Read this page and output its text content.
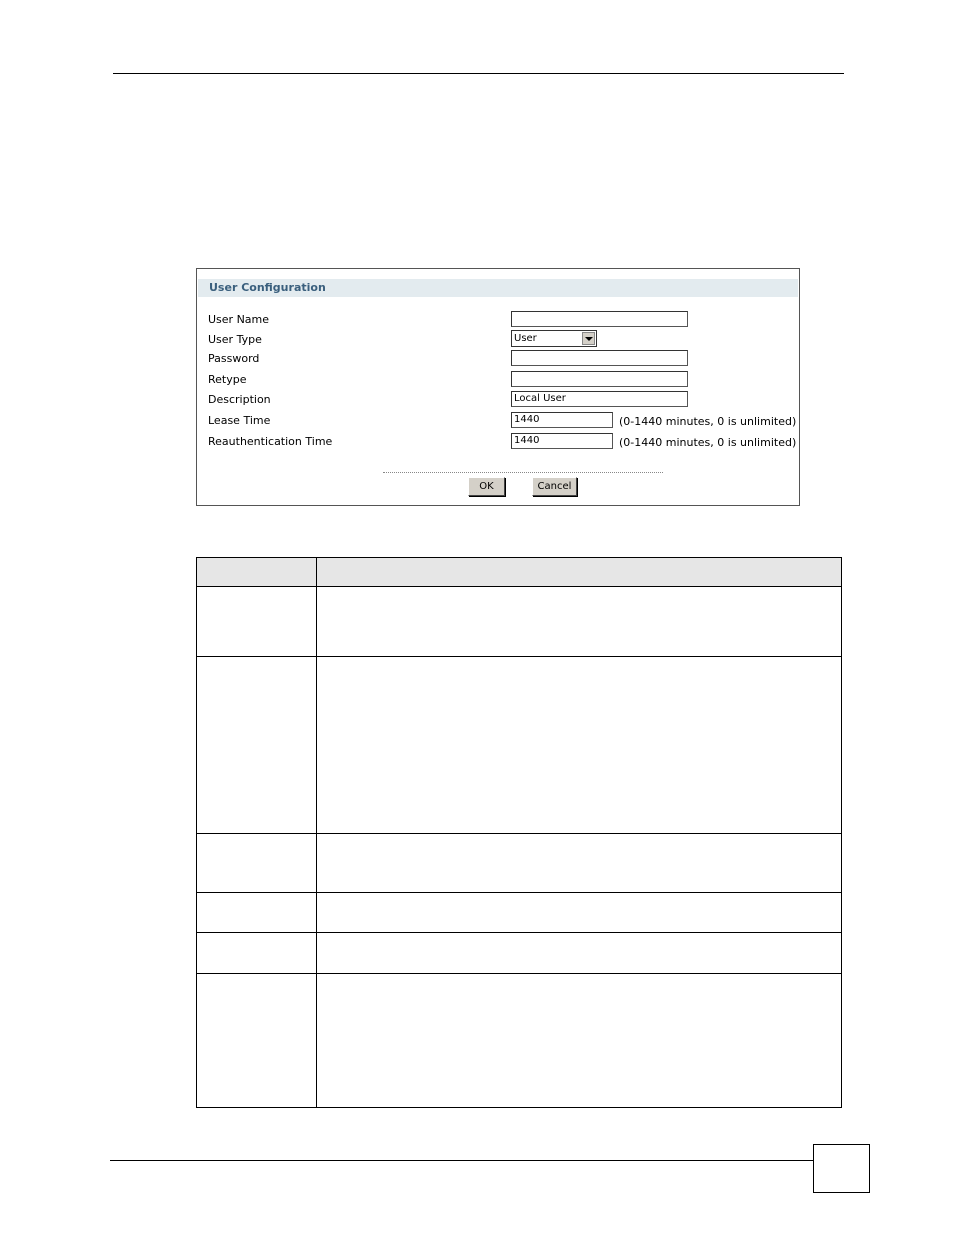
User Configuration
User Name
User Type	User
Password
Retype
Description	Local User
Lease Time	1440	(0-1440 minutes, 0 is unlimited)
Reauthentication Time	1440	(0-1440 minutes, 0 is unlimited)
OK	Cancel
